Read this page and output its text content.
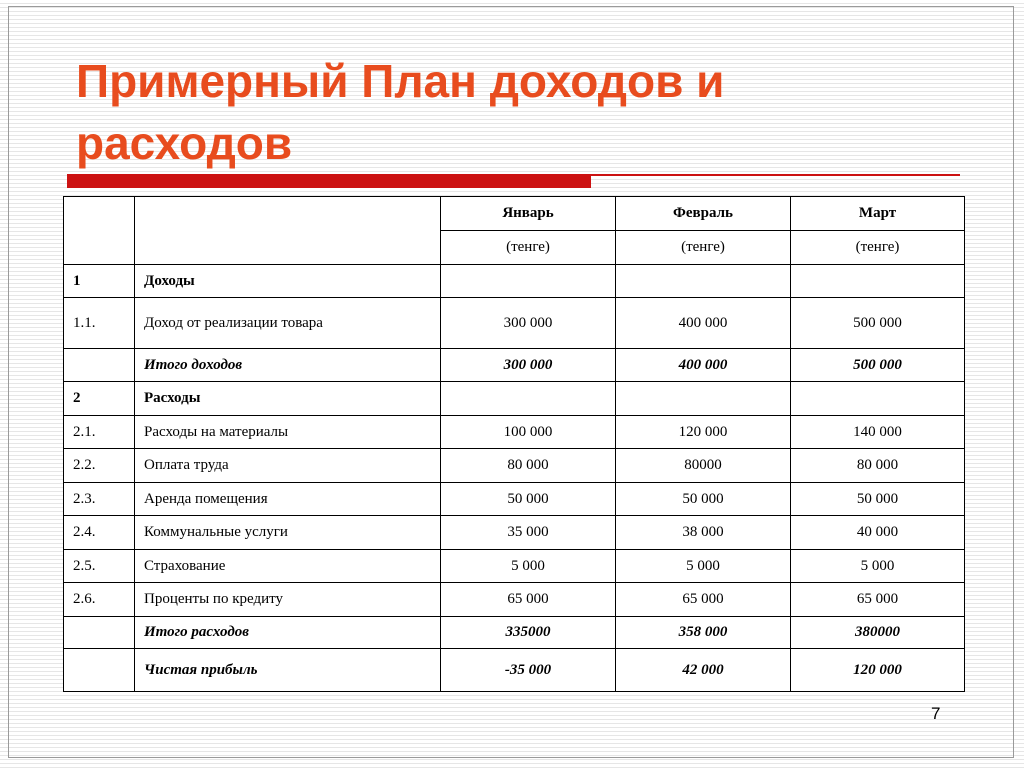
Примерный План доходов и
расходов
		Январь	Февраль	Март
		(тенге)	(тенге)	(тенге)
1	Доходы			
1.1.	Доход от реализации товара	300 000	400 000	500 000
	Итого доходов	300 000	400 000	500 000
2	Расходы			
2.1.	Расходы на материалы	100 000	120 000	140 000
2.2.	Оплата труда	80 000	80000	80 000
2.3.	Аренда помещения	50 000	50 000	50 000
2.4.	Коммунальные услуги	35 000	38 000	40 000
2.5.	Страхование	5 000	5 000	5 000
2.6.	Проценты по кредиту	65 000	65 000	65 000
	Итого расходов	335000	358 000	380000
	Чистая прибыль	-35 000	42 000	120 000
7
